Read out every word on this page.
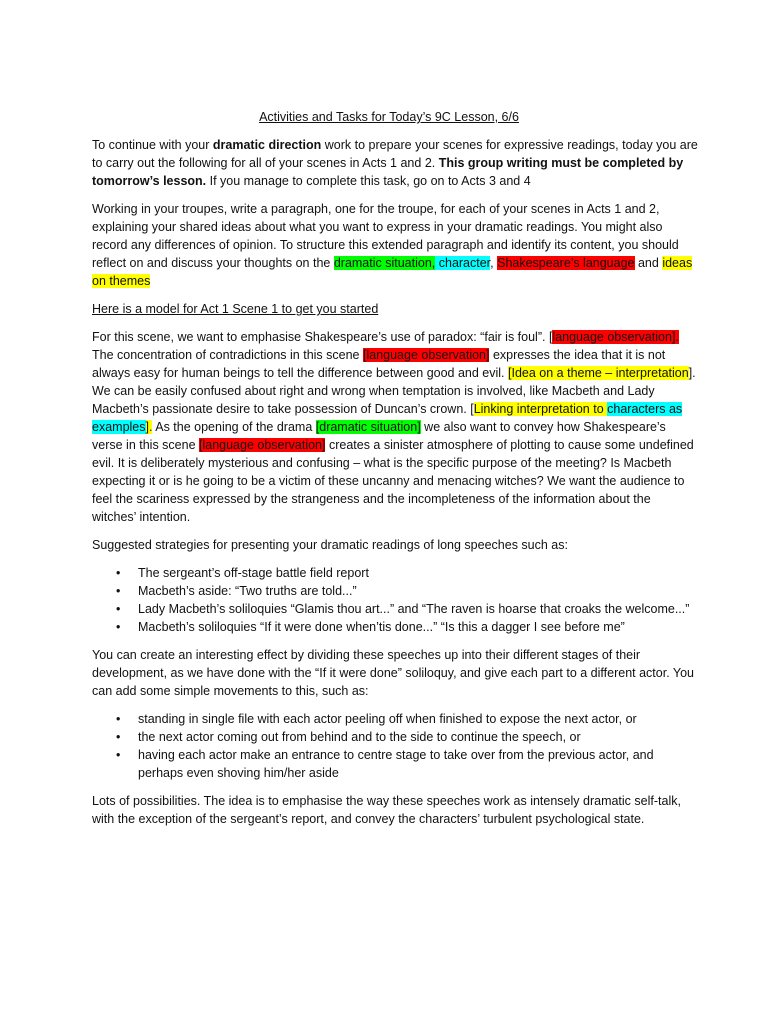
Activities and Tasks for Today’s 9C Lesson, 6/6

To continue with your dramatic direction work to prepare your scenes for expressive readings, today you are to carry out the following for all of your scenes in Acts 1 and 2. This group writing must be completed by tomorrow’s lesson. If you manage to complete this task, go on to Acts 3 and 4

Working in your troupes, write a paragraph, one for the troupe, for each of your scenes in Acts 1 and 2, explaining your shared ideas about what you want to express in your dramatic readings. You might also record any differences of opinion. To structure this extended paragraph and identify its content, you should reflect on and discuss your thoughts on the dramatic situation, character, Shakespeare’s language and ideas on themes

Here is a model for Act 1 Scene 1 to get you started

For this scene, we want to emphasise Shakespeare’s use of paradox: “fair is foul”. [language observation]. The concentration of contradictions in this scene [language observation] expresses the idea that it is not always easy for human beings to tell the difference between good and evil. [Idea on a theme – interpretation]. We can be easily confused about right and wrong when temptation is involved, like Macbeth and Lady Macbeth’s passionate desire to take possession of Duncan’s crown. [Linking interpretation to characters as examples]. As the opening of the drama [dramatic situation] we also want to convey how Shakespeare’s verse in this scene [language observation] creates a sinister atmosphere of plotting to cause some undefined evil. It is deliberately mysterious and confusing – what is the specific purpose of the meeting? Is Macbeth expecting it or is he going to be a victim of these uncanny and menacing witches? We want the audience to feel the scariness expressed by the strangeness and the incompleteness of the information about the witches’ intention.

Suggested strategies for presenting your dramatic readings of long speeches such as:

• The sergeant’s off-stage battle field report
• Macbeth’s aside: “Two truths are told...”
• Lady Macbeth’s soliloquies “Glamis thou art...” and “The raven is hoarse that croaks the welcome...”
• Macbeth’s soliloquies “If it were done when’tis done...” “Is this a dagger I see before me”

You can create an interesting effect by dividing these speeches up into their different stages of their development, as we have done with the “If it were done” soliloquy, and give each part to a different actor. You can add some simple movements to this, such as:

• standing in single file with each actor peeling off when finished to expose the next actor, or
• the next actor coming out from behind and to the side to continue the speech, or
• having each actor make an entrance to centre stage to take over from the previous actor, and perhaps even shoving him/her aside

Lots of possibilities. The idea is to emphasise the way these speeches work as intensely dramatic self-talk, with the exception of the sergeant’s report, and convey the characters’ turbulent psychological state.
